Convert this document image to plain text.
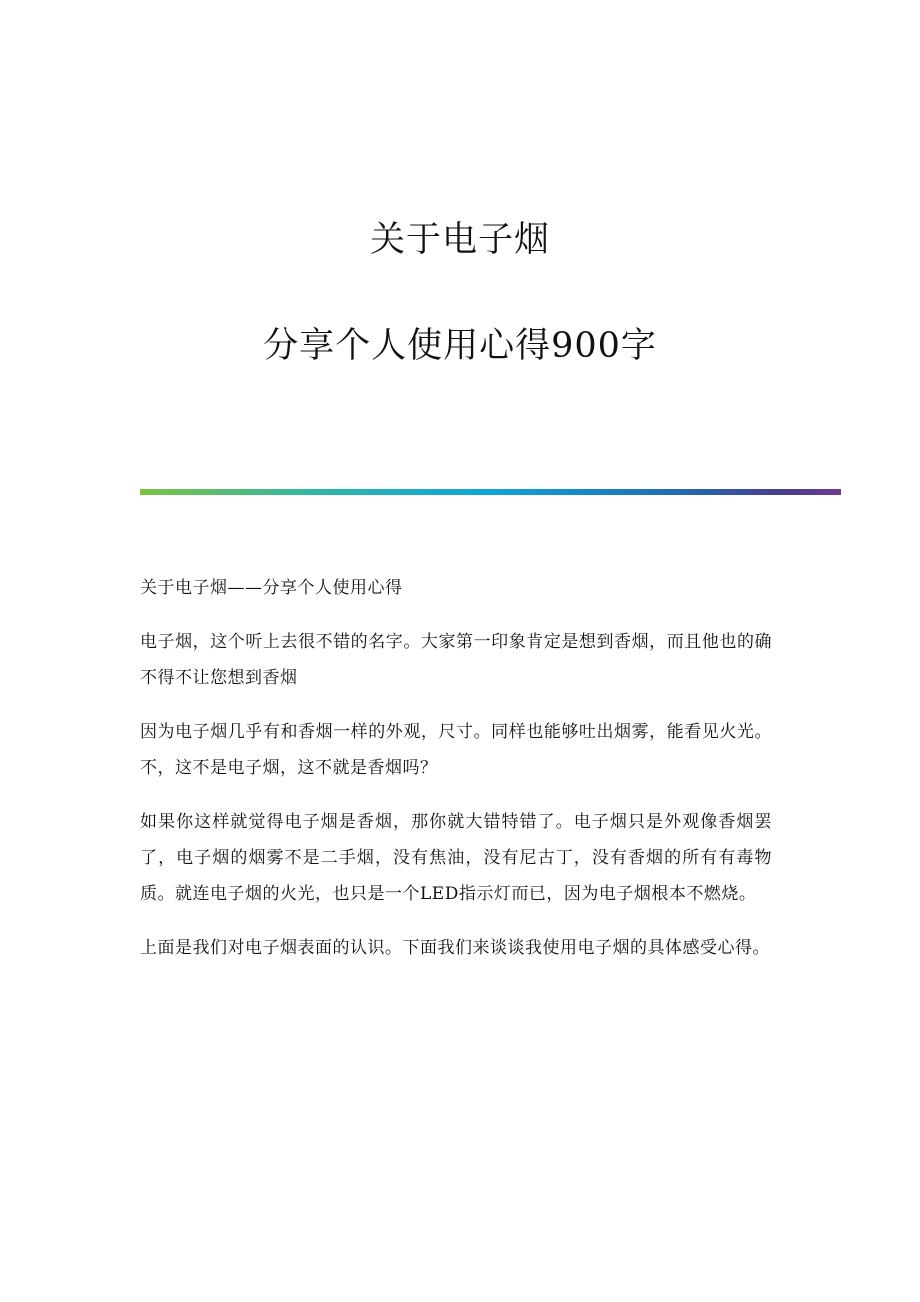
关于电子烟
分享个人使用心得900字

关于电子烟——分享个人使用心得

电子烟，这个听上去很不错的名字。大家第一印象肯定是想到香烟，而且他也的确不得不让您想到香烟

因为电子烟几乎有和香烟一样的外观，尺寸。同样也能够吐出烟雾，能看见火光。不，这不是电子烟，这不就是香烟吗？

如果你这样就觉得电子烟是香烟，那你就大错特错了。电子烟只是外观像香烟罢了，电子烟的烟雾不是二手烟，没有焦油，没有尼古丁，没有香烟的所有有毒物质。就连电子烟的火光，也只是一个LED指示灯而已，因为电子烟根本不燃烧。

上面是我们对电子烟表面的认识。下面我们来谈谈我使用电子烟的具体感受心得。
